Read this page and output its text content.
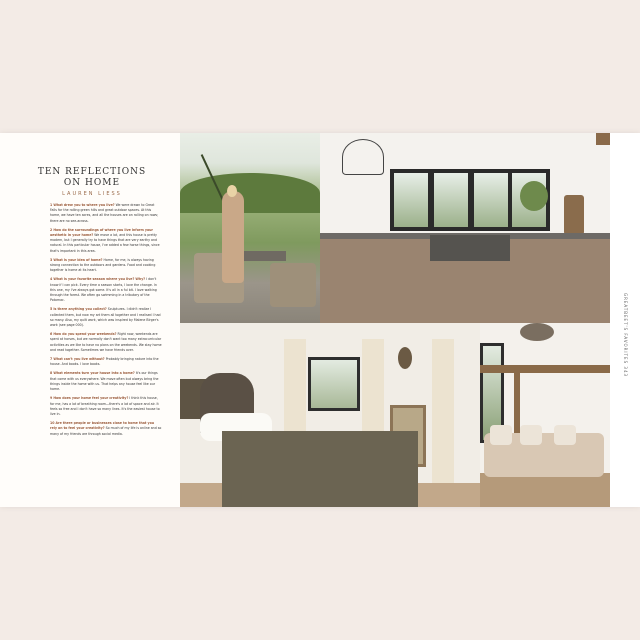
TEN REFLECTIONS
ON HOME
LAUREN LIESS

1 What drew you to where you live? We were drawn to Great Falls for the rolling green hills and great outdoor spaces. At this home, we have ten acres, and all the houses are on rolling on rows; there are no see-across.

2 How do the surroundings of where you live inform your aesthetic in your home? We move a lot, and this house is pretty modern, but I generally try to have things that are very earthy and natural. In this particular house, I've added a few horse things, since that's important in this area.

3 What is your idea of home? Home, for me, is always having strong connection to the outdoors and gardens. Food and cooking together is home at its heart.

4 What is your favorite season where you live? Why? I don't know if I can pick. Every time a season starts, I love the change. In this one, my I've always got some. It's all in a ful bit. I love walking through the forest. We often go swimming in a tributary of the Potomac.

5 Is there anything you collect? Sculptures. I didn't realize I collected them, but now my art them all together and I realised I had so many. Also, my quilt work, which was inspired by Malene Birger's work (see page 000).

6 How do you spend your weekends? Right now, weekends are spent at horses, but we normally don't want too many extracurricular activities as we like to have no plans on the weekends. We stay home and read together. Sometimes we have friends over.

7 What can't you live without? Probably bringing nature into the house. And books. I love books.

8 What elements turn your house into a home? It's our things that come with us everywhere. We move often but always bring the things inside the home with us. That helps any house feel like our home.

9 How does your home feel your creativity? I think this house, for me, has a lot of breathing room—there's a lot of space and air. It feels so free and I don't have so many lines. It's the easiest house to live in.

10 Are there people or businesses close to home that you rely on to feel your creativity? So much of my life is online and so many of my friends are through social media.

GREATBEET'S FAVORITES 343
